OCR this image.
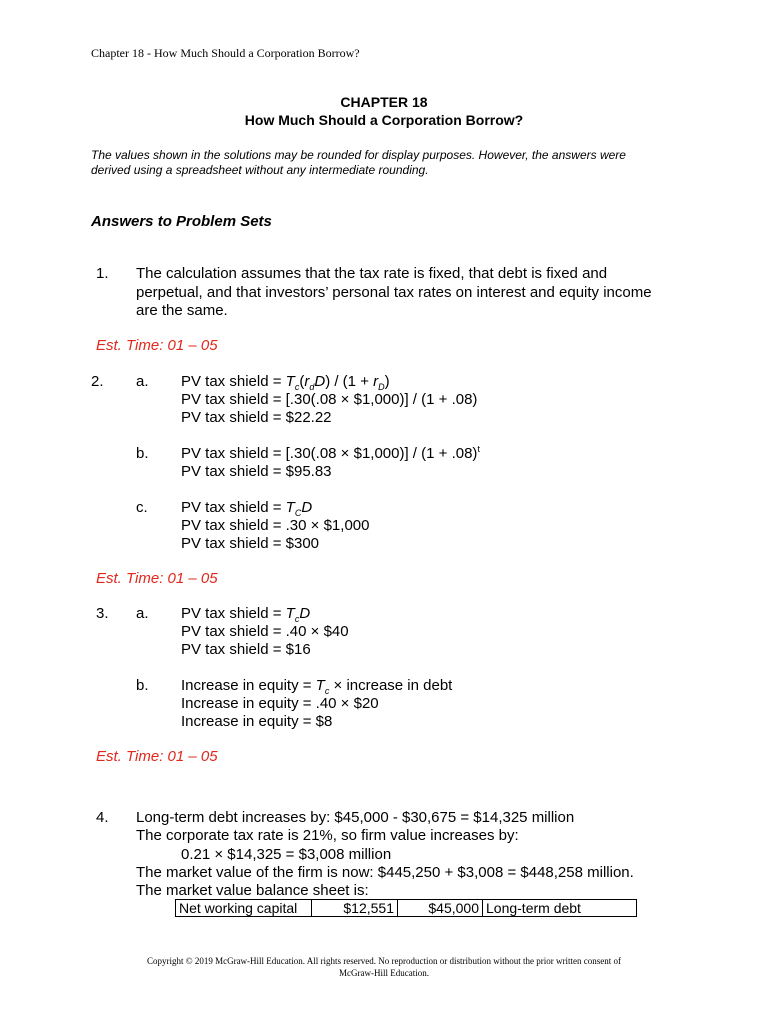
Chapter 18 - How Much Should a Corporation Borrow?
CHAPTER 18
How Much Should a Corporation Borrow?
The values shown in the solutions may be rounded for display purposes. However, the answers were
derived using a spreadsheet without any intermediate rounding.
Answers to Problem Sets
1. The calculation assumes that the tax rate is fixed, that debt is fixed and
perpetual, and that investors’ personal tax rates on interest and equity income
are the same.
Est. Time: 01 – 05
2. a. PV tax shield = $T_c(r_dD) / (1 + r_D)$
PV tax shield = [.30(.08 × $1,000)] / (1 + .08)
PV tax shield = $22.22
b. PV tax shield = [.30(.08 × $1,000)] / $(1 + .08)^t$
PV tax shield = $95.83
c. PV tax shield = $T_CD$
PV tax shield = .30 × $1,000
PV tax shield = $300
Est. Time: 01 – 05
3. a. PV tax shield = $T_cD$
PV tax shield = .40 × $40
PV tax shield = $16
b. Increase in equity = $T_c$ × increase in debt
Increase in equity = .40 × $20
Increase in equity = $8
Est. Time: 01 – 05
4. Long-term debt increases by: $45,000 - $30,675 = $14,325 million
The corporate tax rate is 21%, so firm value increases by:
0.21 × $14,325 = $3,008 million
The market value of the firm is now: $445,250 + $3,008 = $448,258 million.
The market value balance sheet is:
Net working capital	$12,551	$45,000 Long-term debt
Copyright © 2019 McGraw-Hill Education. All rights reserved. No reproduction or distribution without the prior written consent of
McGraw-Hill Education.
